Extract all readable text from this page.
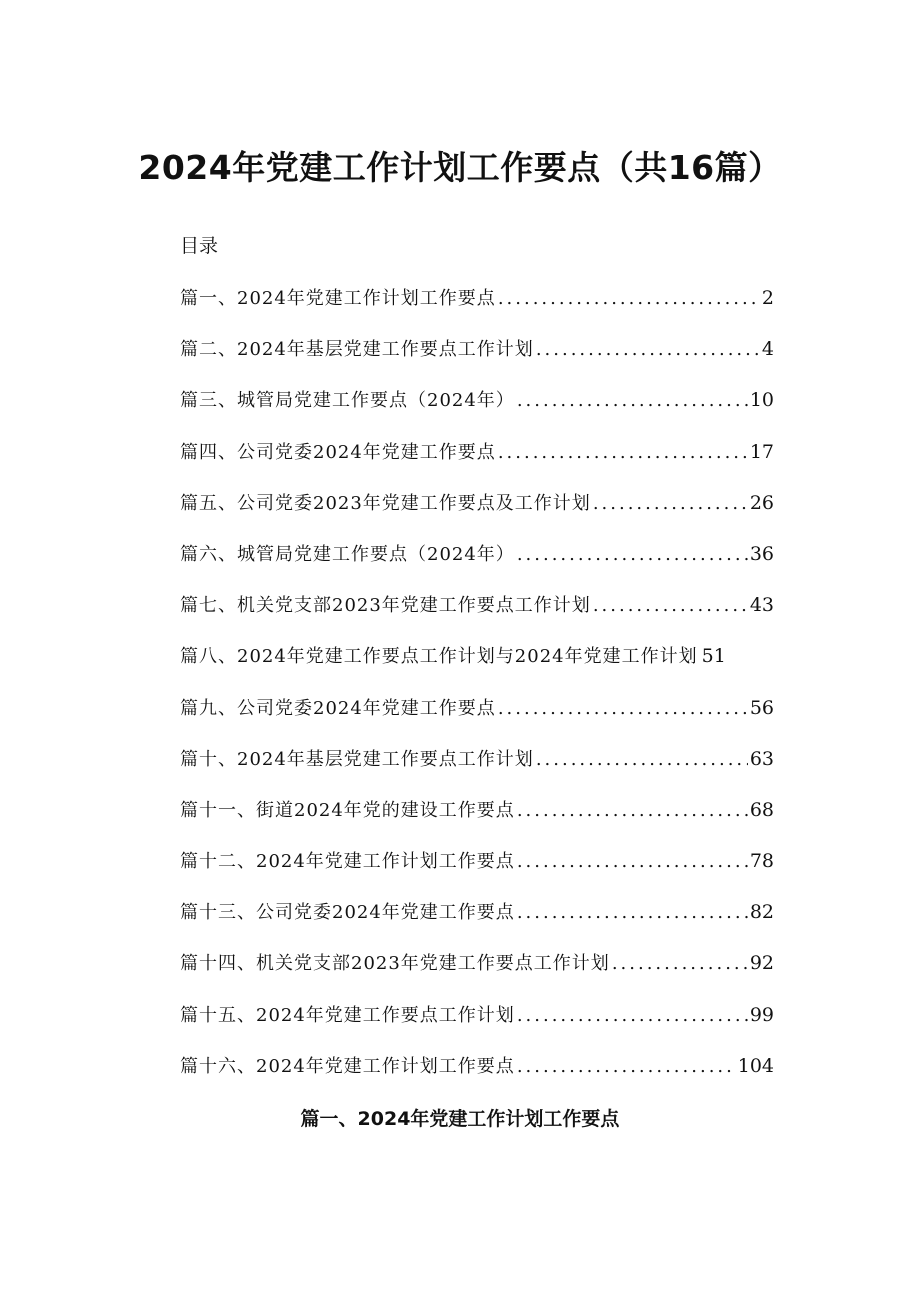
2024年党建工作计划工作要点（共16篇）

目录

篇一、2024年党建工作计划工作要点 .....	2
篇二、2024年基层党建工作要点工作计划 .....	4
篇三、城管局党建工作要点（2024年） .....	10
篇四、公司党委2024年党建工作要点 .....	17
篇五、公司党委2023年党建工作要点及工作计划 .....	26
篇六、城管局党建工作要点（2024年） .....	36
篇七、机关党支部2023年党建工作要点工作计划 .....	43
篇八、2024年党建工作要点工作计划与2024年党建工作计划 51
篇九、公司党委2024年党建工作要点 .....	56
篇十、2024年基层党建工作要点工作计划 .....	63
篇十一、街道2024年党的建设工作要点 .....	68
篇十二、2024年党建工作计划工作要点 .....	78
篇十三、公司党委2024年党建工作要点 .....	82
篇十四、机关党支部2023年党建工作要点工作计划 .....	92
篇十五、2024年党建工作要点工作计划 .....	99
篇十六、2024年党建工作计划工作要点 .....	104
篇一、2024年党建工作计划工作要点
